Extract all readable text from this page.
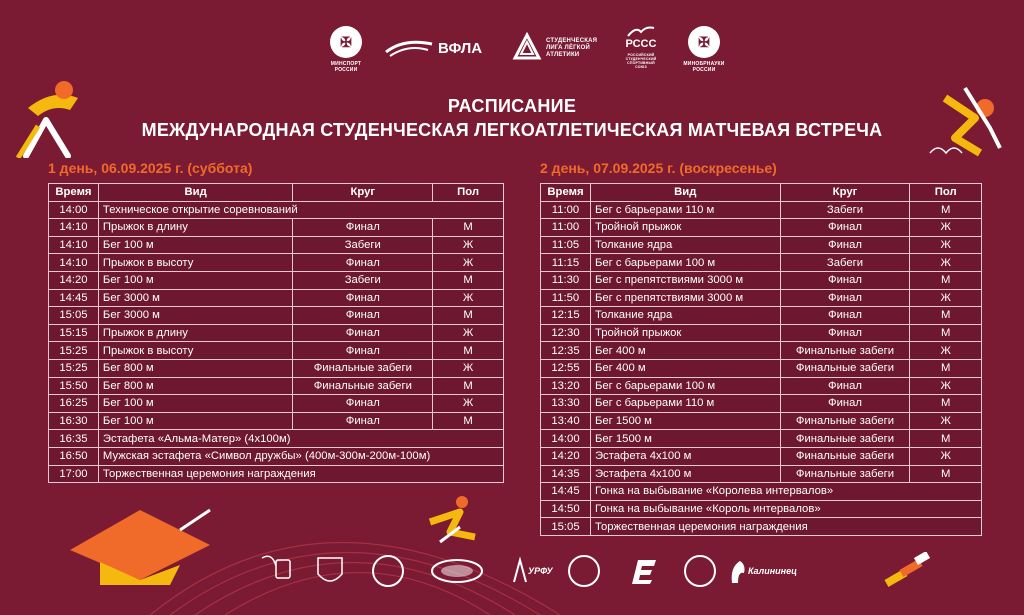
✠
МИНСПОРТ РОССИИ
ВФЛА	СТУДЕНЧЕСКАЯ ЛИГА ЛЁГКОЙ АТЛЕТИКИ
РССС
РОССИЙСКИЙ СТУДЕНЧЕСКИЙ СПОРТИВНЫЙ СОЮЗ
✠
МИНОБРНАУКИ РОССИИ
РАСПИСАНИЕ
МЕЖДУНАРОДНАЯ СТУДЕНЧЕСКАЯ ЛЕГКОАТЛЕТИЧЕСКАЯ МАТЧЕВАЯ ВСТРЕЧА
1 день, 06.09.2025 г. (суббота)	2 день, 07.09.2025 г. (воскресенье)
Время	Вид	Круг	Пол
14:00	Техническое открытие соревнований		
14:10	Прыжок в длину	Финал	М
14:10	Бег 100 м	Забеги	Ж
14:10	Прыжок в высоту	Финал	Ж
14:20	Бег 100 м	Забеги	М
14:45	Бег 3000 м	Финал	Ж
15:05	Бег 3000 м	Финал	М
15:15	Прыжок в длину	Финал	Ж
15:25	Прыжок в высоту	Финал	М
15:25	Бег 800 м	Финальные забеги	Ж
15:50	Бег 800 м	Финальные забеги	М
16:25	Бег 100 м	Финал	Ж
16:30	Бег 100 м	Финал	М
16:35	Эстафета «Альма-Матер» (4х100м)		
16:50	Мужская эстафета «Символ дружбы» (400м-300м-200м-100м)		
17:00	Торжественная церемония награждения		
Время	Вид	Круг	Пол
11:00	Бег с барьерами 110 м	Забеги	М
11:00	Тройной прыжок	Финал	Ж
11:05	Толкание ядра	Финал	Ж
11:15	Бег с барьерами 100 м	Забеги	Ж
11:30	Бег с препятствиями 3000 м	Финал	М
11:50	Бег с препятствиями 3000 м	Финал	Ж
12:15	Толкание ядра	Финал	М
12:30	Тройной прыжок	Финал	М
12:35	Бег 400 м	Финальные забеги	Ж
12:55	Бег 400 м	Финальные забеги	М
13:20	Бег с барьерами 100 м	Финал	Ж
13:30	Бег с барьерами 110 м	Финал	М
13:40	Бег 1500 м	Финальные забеги	Ж
14:00	Бег 1500 м	Финальные забеги	М
14:20	Эстафета 4х100 м	Финальные забеги	Ж
14:35	Эстафета 4х100 м	Финальные забеги	М
14:45	Гонка на выбывание «Королева интервалов»		
14:50	Гонка на выбывание «Король интервалов»		
15:05	Торжественная церемония награждения		
УРФУ	Калининец
